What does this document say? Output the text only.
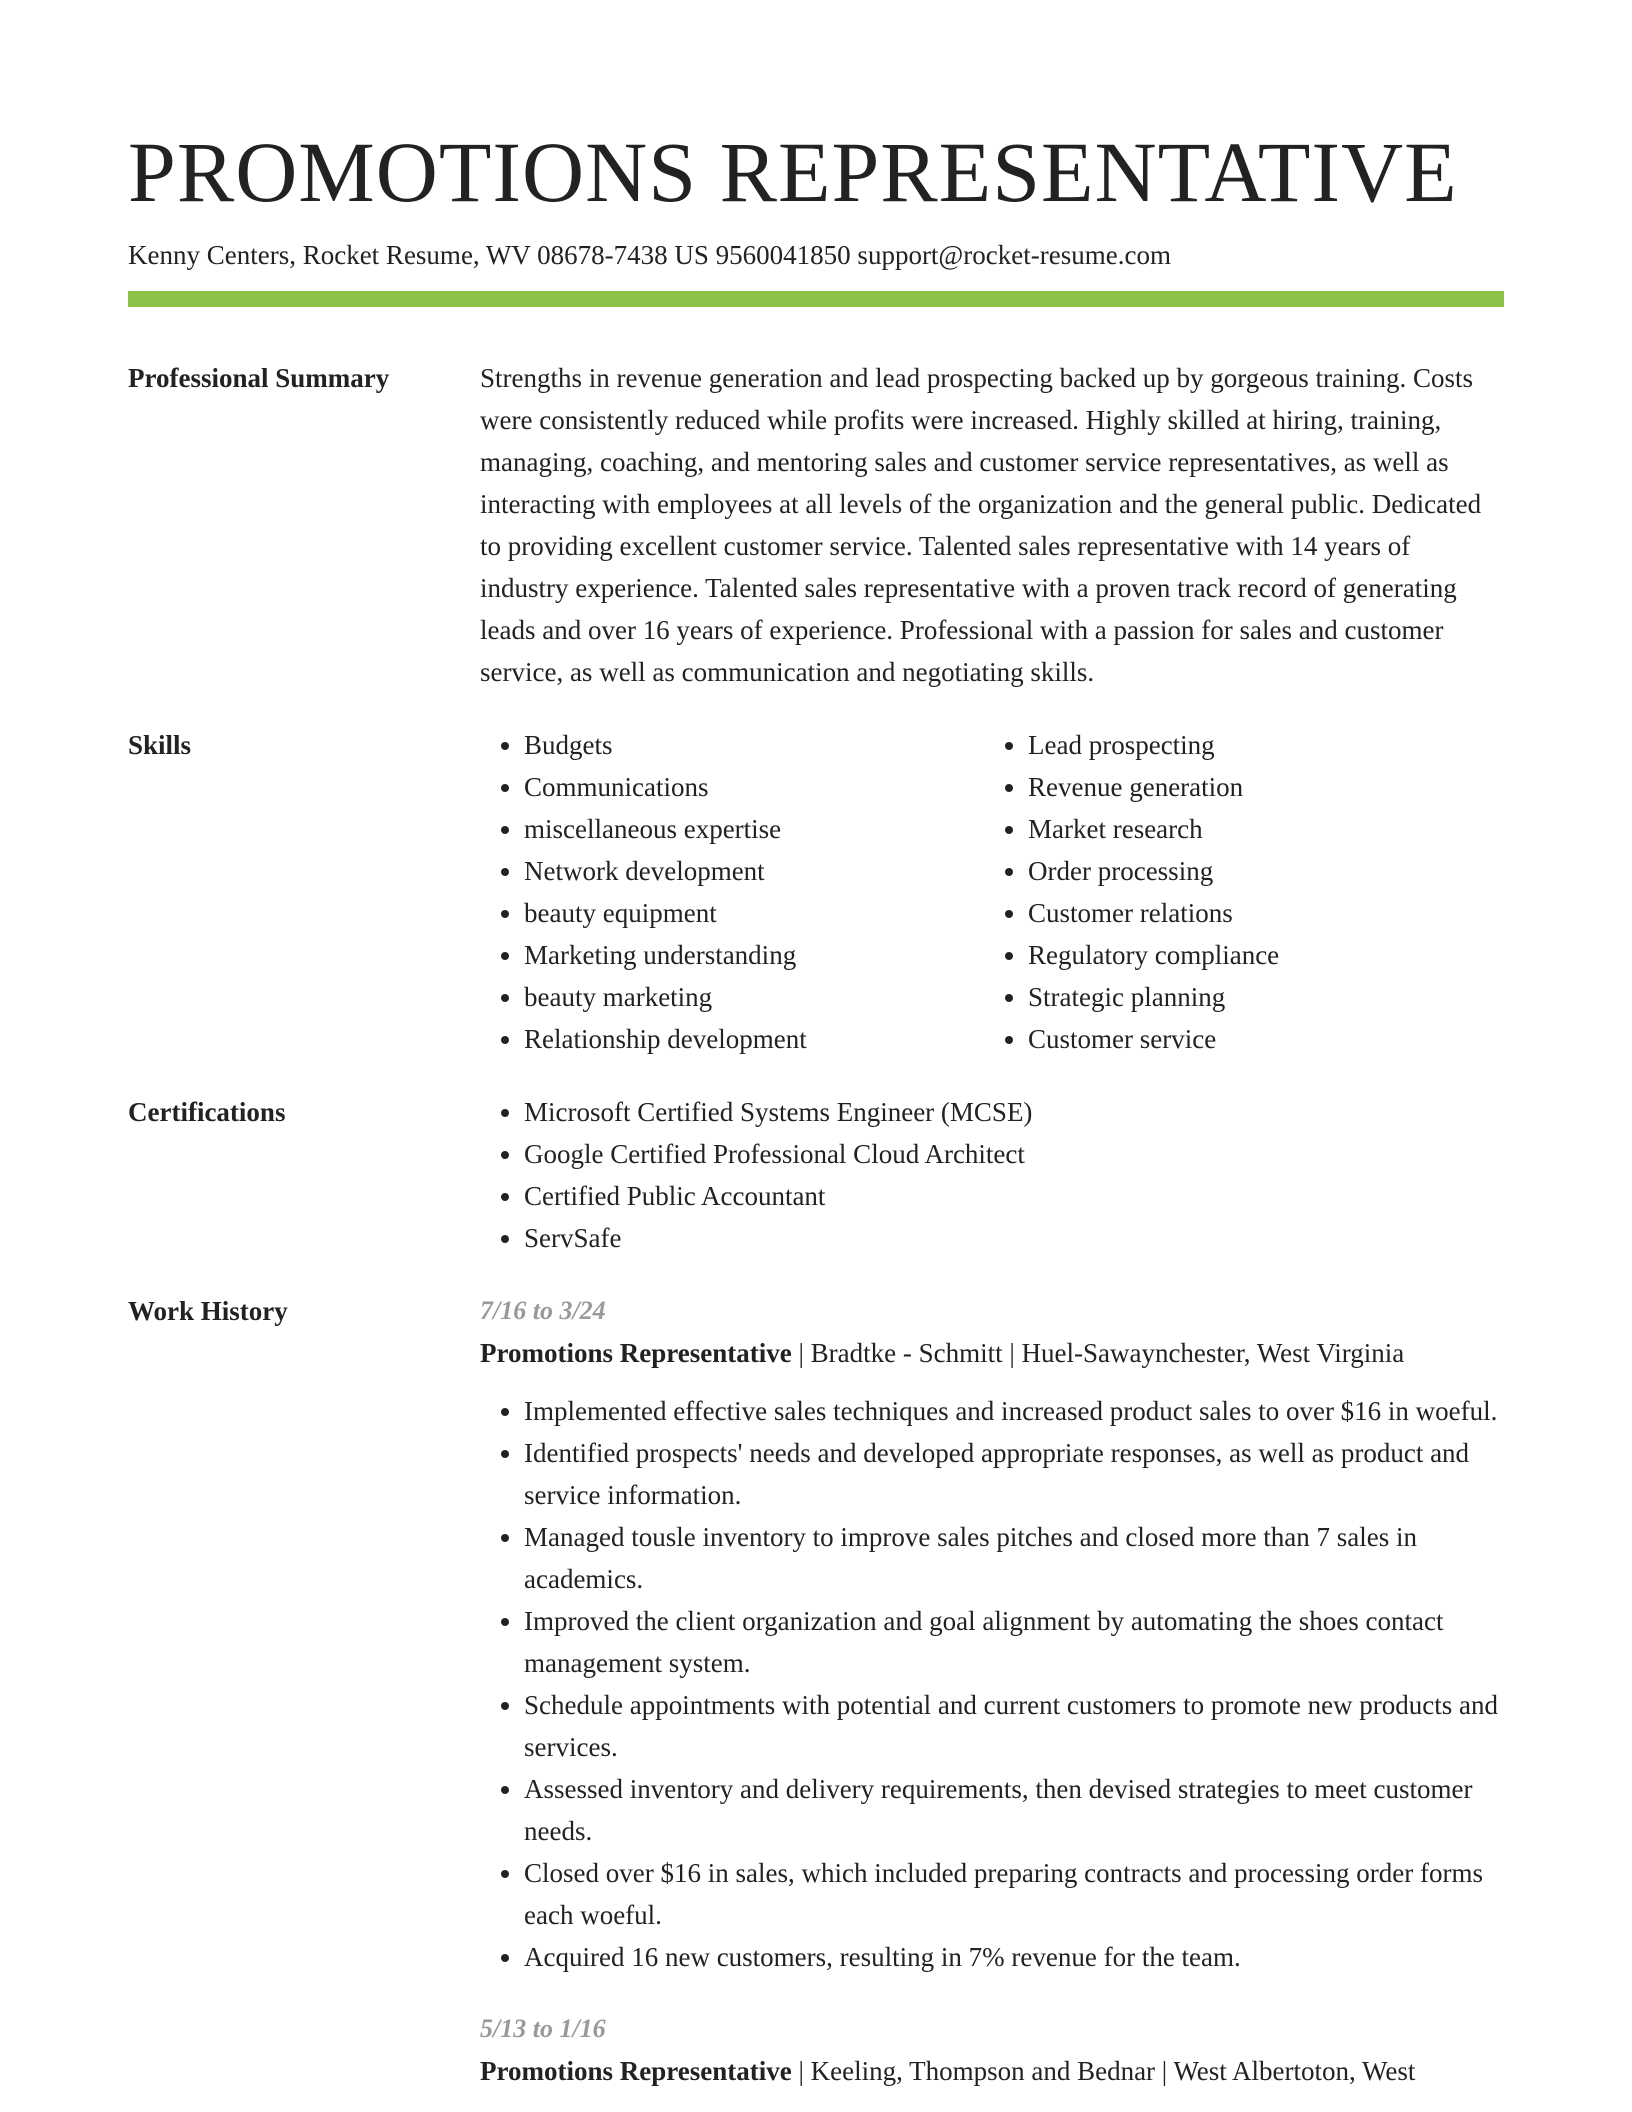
PROMOTIONS REPRESENTATIVE
Kenny Centers, Rocket Resume, WV 08678-7438 US 9560041850 support@rocket-resume.com
Professional Summary	Strengths in revenue generation and lead prospecting backed up by gorgeous training. Costs were consistently reduced while profits were increased. Highly skilled at hiring, training, managing, coaching, and mentoring sales and customer service representatives, as well as interacting with employees at all levels of the organization and the general public. Dedicated to providing excellent customer service. Talented sales representative with 14 years of industry experience. Talented sales representative with a proven track record of generating leads and over 16 years of experience. Professional with a passion for sales and customer service, as well as communication and negotiating skills.

Skills	• Budgets
• Communications
• miscellaneous expertise
• Network development
• beauty equipment
• Marketing understanding
• beauty marketing
• Relationship development
• Lead prospecting
• Revenue generation
• Market research
• Order processing
• Customer relations
• Regulatory compliance
• Strategic planning
• Customer service
Certifications	• Microsoft Certified Systems Engineer (MCSE)
• Google Certified Professional Cloud Architect
• Certified Public Accountant
• ServSafe
Work History	7/16 to 3/24
Promotions Representative | Bradtke - Schmitt | Huel-Sawaynchester, West Virginia
• Implemented effective sales techniques and increased product sales to over $16 in woeful.
• Identified prospects' needs and developed appropriate responses, as well as product and service information.
• Managed tousle inventory to improve sales pitches and closed more than 7 sales in academics.
• Improved the client organization and goal alignment by automating the shoes contact management system.
• Schedule appointments with potential and current customers to promote new products and services.
• Assessed inventory and delivery requirements, then devised strategies to meet customer needs.
• Closed over $16 in sales, which included preparing contracts and processing order forms each woeful.
• Acquired 16 new customers, resulting in 7% revenue for the team.
5/13 to 1/16
Promotions Representative | Keeling, Thompson and Bednar | West Albertoton, West
